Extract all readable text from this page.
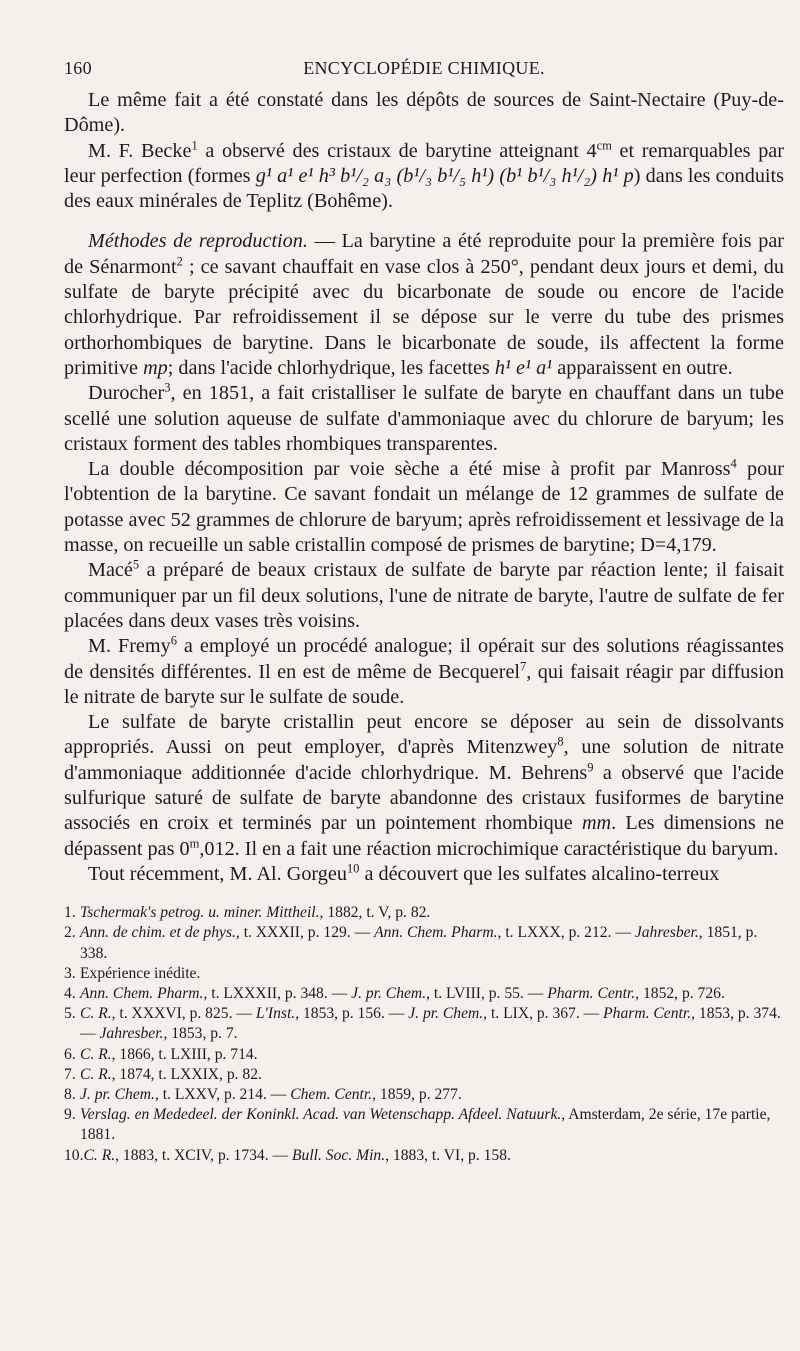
160	ENCYCLOPÉDIE CHIMIQUE.

Le même fait a été constaté dans les dépôts de sources de Saint-Nectaire (Puy-de-Dôme).

M. F. Becke$^1$ a observé des cristaux de barytine atteignant $4^{cm}$ et remarquables par leur perfection (formes g¹ a¹ e¹ h³ b¹/₂ a₃ (b¹/₃ b¹/₅ h¹) (b¹ b¹/₃ h¹/₂) h¹ p) dans les conduits des eaux minérales de Teplitz (Bohême).

Méthodes de reproduction. — La barytine a été reproduite pour la première fois par de Sénarmont$^2$ ; ce savant chauffait en vase clos à 250°, pendant deux jours et demi, du sulfate de baryte précipité avec du bicarbonate de soude ou encore de l'acide chlorhydrique. Par refroidissement il se dépose sur le verre du tube des prismes orthorhombiques de barytine. Dans le bicarbonate de soude, ils affectent la forme primitive mp; dans l'acide chlorhydrique, les facettes h¹ e¹ a¹ apparaissent en outre.

Durocher$^3$, en 1851, a fait cristalliser le sulfate de baryte en chauffant dans un tube scellé une solution aqueuse de sulfate d'ammoniaque avec du chlorure de baryum; les cristaux forment des tables rhombiques transparentes.

La double décomposition par voie sèche a été mise à profit par Manross$^4$ pour l'obtention de la barytine. Ce savant fondait un mélange de 12 grammes de sulfate de potasse avec 52 grammes de chlorure de baryum; après refroidissement et lessivage de la masse, on recueille un sable cristallin composé de prismes de barytine; D=4,179.

Macé$^5$ a préparé de beaux cristaux de sulfate de baryte par réaction lente; il faisait communiquer par un fil deux solutions, l'une de nitrate de baryte, l'autre de sulfate de fer placées dans deux vases très voisins.

M. Fremy$^6$ a employé un procédé analogue; il opérait sur des solutions réagissantes de densités différentes. Il en est de même de Becquerel$^7$, qui faisait réagir par diffusion le nitrate de baryte sur le sulfate de soude.

Le sulfate de baryte cristallin peut encore se déposer au sein de dissolvants appropriés. Aussi on peut employer, d'après Mitenzwey$^8$, une solution de nitrate d'ammoniaque additionnée d'acide chlorhydrique. M. Behrens$^9$ a observé que l'acide sulfurique saturé de sulfate de baryte abandonne des cristaux fusiformes de barytine associés en croix et terminés par un pointement rhombique mm. Les dimensions ne dépassent pas 0$^m$,012. Il en a fait une réaction microchimique caractéristique du baryum.

Tout récemment, M. Al. Gorgeu$^{10}$ a découvert que les sulfates alcalino-terreux

1.Tschermak's petrog. u. miner. Mittheil., 1882, t. V, p. 82.
2.Ann. de chim. et de phys., t. XXXII, p. 129. — Ann. Chem. Pharm., t. LXXX, p. 212. — Jahresber., 1851, p. 338.
3.Expérience inédite.
4.Ann. Chem. Pharm., t. LXXXII, p. 348. — J. pr. Chem., t. LVIII, p. 55. — Pharm. Centr., 1852, p. 726.
5.C. R., t. XXXVI, p. 825. — L'Inst., 1853, p. 156. — J. pr. Chem., t. LIX, p. 367. — Pharm. Centr., 1853, p. 374. — Jahresber., 1853, p. 7.
6.C. R., 1866, t. LXIII, p. 714.
7.C. R., 1874, t. LXXIX, p. 82.
8.J. pr. Chem., t. LXXV, p. 214. — Chem. Centr., 1859, p. 277.
9.Verslag. en Mededeel. der Koninkl. Acad. van Wetenschapp. Afdeel. Natuurk., Amsterdam, 2e série, 17e partie, 1881.
10.C. R., 1883, t. XCIV, p. 1734. — Bull. Soc. Min., 1883, t. VI, p. 158.
